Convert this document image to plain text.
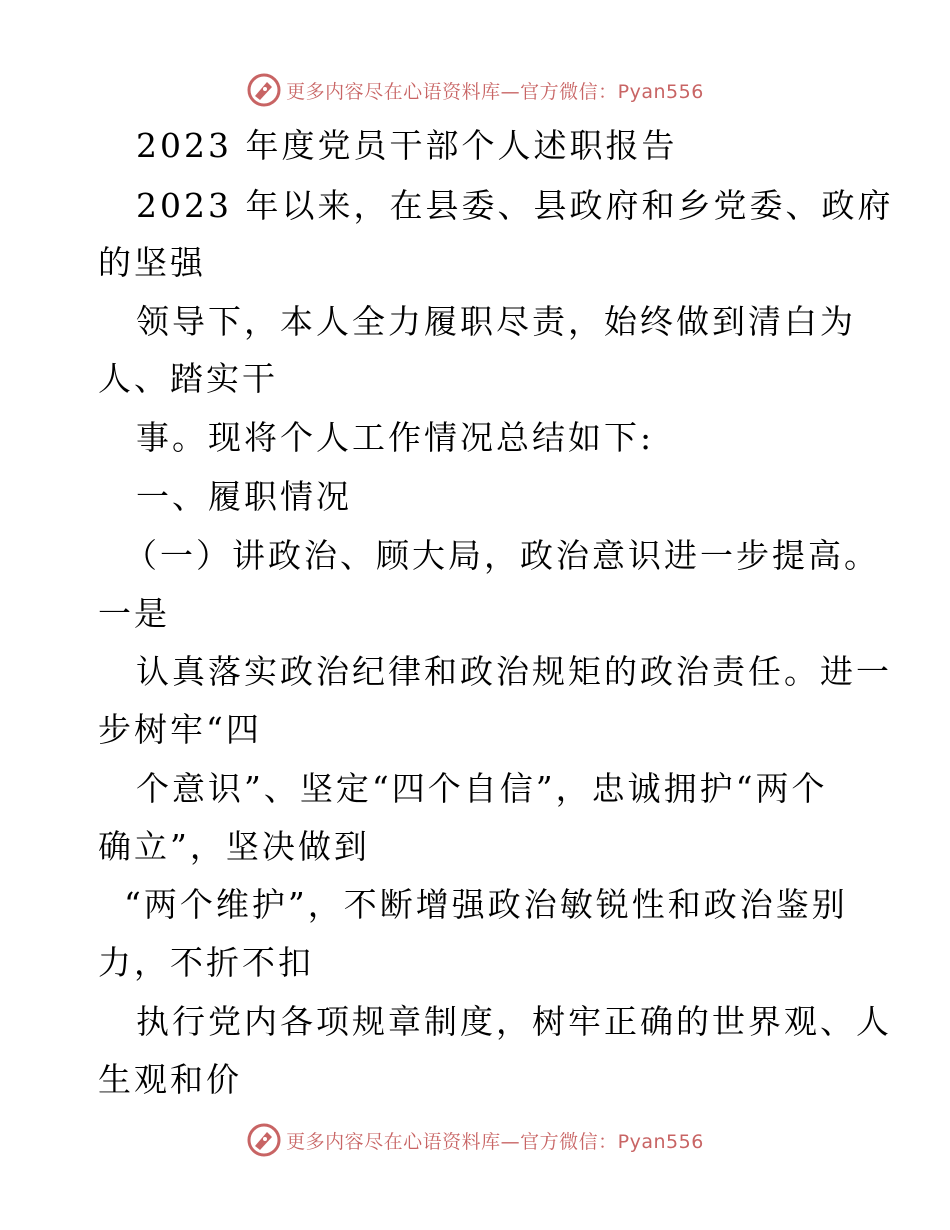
更多内容尽在心语资料库—官方微信：Pyan556
2023 年度党员干部个人述职报告
2023 年以来，在县委、县政府和乡党委、政府
的坚强
领导下，本人全力履职尽责，始终做到清白为
人、踏实干
事。现将个人工作情况总结如下:
一、履职情况
（一）讲政治、顾大局，政治意识进一步提高。
一是
认真落实政治纪律和政治规矩的政治责任。进一
步树牢“四
个意识”、坚定“四个自信”，忠诚拥护“两个
确立”，坚决做到
“两个维护”，不断增强政治敏锐性和政治鉴别
力，不折不扣
执行党内各项规章制度，树牢正确的世界观、人
生观和价
更多内容尽在心语资料库—官方微信：Pyan556
